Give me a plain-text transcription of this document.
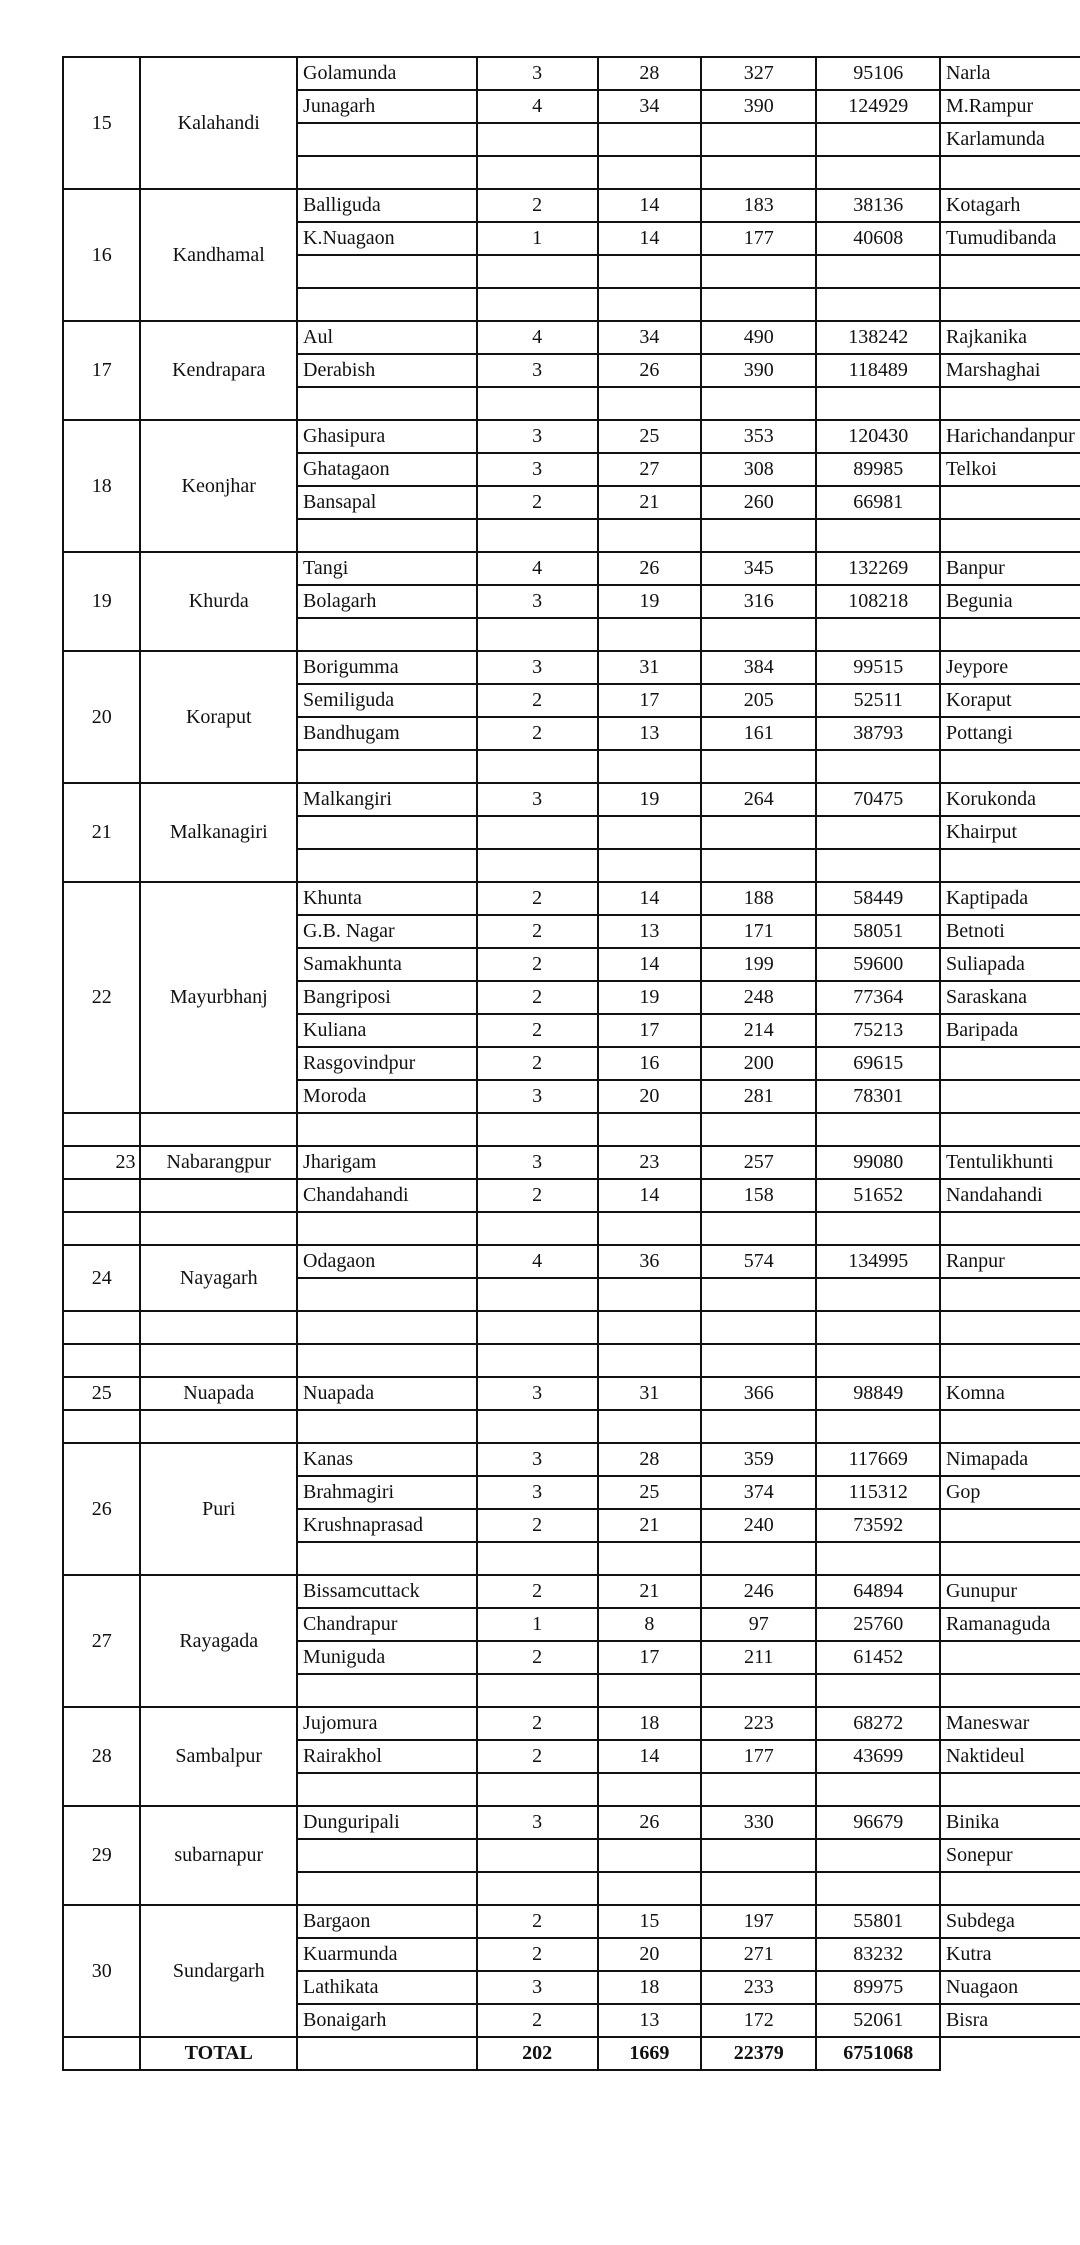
15	Kalahandi	Golamunda	3	28	327	95106	Narla
		Junagarh	4	34	390	124929	M.Rampur
							Karlamunda

16	Kandhamal	Balliguda	2	14	183	38136	Kotagarh
		K.Nuagaon	1	14	177	40608	Tumudibanda

17	Kendrapara	Aul	4	34	490	138242	Rajkanika
		Derabish	3	26	390	118489	Marshaghai

18	Keonjhar	Ghasipura	3	25	353	120430	Harichandanpur
		Ghatagaon	3	27	308	89985	Telkoi
		Bansapal	2	21	260	66981	

19	Khurda	Tangi	4	26	345	132269	Banpur
		Bolagarh	3	19	316	108218	Begunia

20	Koraput	Borigumma	3	31	384	99515	Jeypore
		Semiliguda	2	17	205	52511	Koraput
		Bandhugam	2	13	161	38793	Pottangi

21	Malkanagiri	Malkangiri	3	19	264	70475	Korukonda
							Khairput

22	Mayurbhanj	Khunta	2	14	188	58449	Kaptipada
		G.B. Nagar	2	13	171	58051	Betnoti
		Samakhunta	2	14	199	59600	Suliapada
		Bangriposi	2	19	248	77364	Saraskana
		Kuliana	2	17	214	75213	Baripada
		Rasgovindpur	2	16	200	69615	
		Moroda	3	20	281	78301	

23	Nabarangpur	Jharigam	3	23	257	99080	Tentulikhunti
		Chandahandi	2	14	158	51652	Nandahandi

24	Nayagarh	Odagaon	4	36	574	134995	Ranpur

25	Nuapada	Nuapada	3	31	366	98849	Komna

26	Puri	Kanas	3	28	359	117669	Nimapada
		Brahmagiri	3	25	374	115312	Gop
		Krushnaprasad	2	21	240	73592	

27	Rayagada	Bissamcuttack	2	21	246	64894	Gunupur
		Chandrapur	1	8	97	25760	Ramanaguda
		Muniguda	2	17	211	61452	

28	Sambalpur	Jujomura	2	18	223	68272	Maneswar
		Rairakhol	2	14	177	43699	Naktideul

29	subarnapur	Dunguripali	3	26	330	96679	Binika
							Sonepur

30	Sundargarh	Bargaon	2	15	197	55801	Subdega
		Kuarmunda	2	20	271	83232	Kutra
		Lathikata	3	18	233	89975	Nuagaon
		Bonaigarh	2	13	172	52061	Bisra
	TOTAL		202	1669	22379	6751068	
